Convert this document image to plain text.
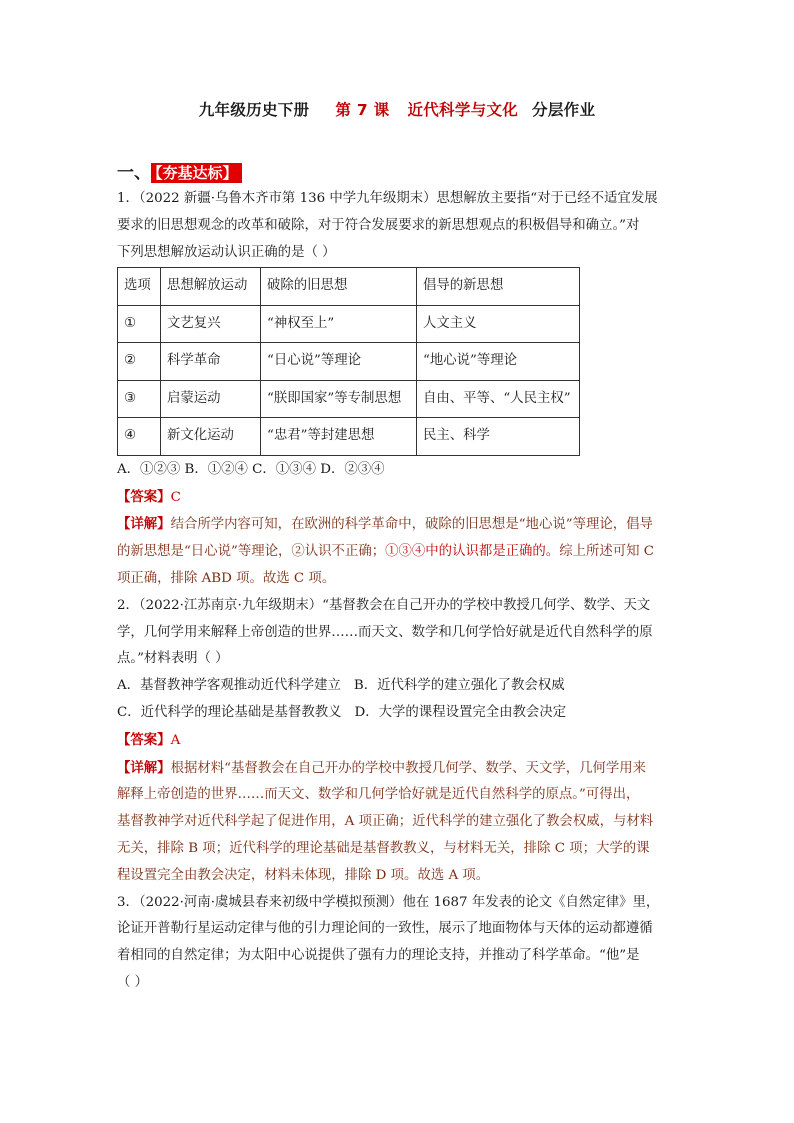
九年级历史下册 第 7 课 近代科学与文化 分层作业
一、 【夯基达标】

1．（2022 新疆·乌鲁木齐市第 136 中学九年级期末）思想解放主要指“对于已经不适宜发展

要求的旧思想观念的改革和破除，对于符合发展要求的新思想观点的积极倡导和确立。”对

下列思想解放运动认识正确的是（ ）

选项	思想解放运动	破除的旧思想	倡导的新思想
①	文艺复兴	“神权至上”	人文主义
②	科学革命	“日心说”等理论	“地心说”等理论
③	启蒙运动	“朕即国家”等专制思想	自由、平等、“人民主权”
④	新文化运动	“忠君”等封建思想	民主、科学

A．①②③ B．①②④ C．①③④ D．②③④

【答案】C

【详解】结合所学内容可知，在欧洲的科学革命中，破除的旧思想是“地心说”等理论，倡导

的新思想是“日心说”等理论，②认识不正确；①③④中的认识都是正确的。综上所述可知 C

项正确，排除 ABD 项。故选 C 项。

2．（2022·江苏南京·九年级期末）“基督教会在自己开办的学校中教授几何学、数学、天文

学，几何学用来解释上帝创造的世界……而天文、数学和几何学恰好就是近代自然科学的原

点。”材料表明（ ）

A．基督教神学客观推动近代科学建立 B．近代科学的建立强化了教会权威

C．近代科学的理论基础是基督教教义 D．大学的课程设置完全由教会决定

【答案】A

【详解】根据材料“基督教会在自己开办的学校中教授几何学、数学、天文学，几何学用来

解释上帝创造的世界……而天文、数学和几何学恰好就是近代自然科学的原点。”可得出，

基督教神学对近代科学起了促进作用，A 项正确；近代科学的建立强化了教会权威，与材料

无关，排除 B 项；近代科学的理论基础是基督教教义，与材料无关，排除 C 项；大学的课

程设置完全由教会决定，材料未体现，排除 D 项。故选 A 项。

3．（2022·河南·虞城县春来初级中学模拟预测）他在 1687 年发表的论文《自然定律》里，

论证开普勒行星运动定律与他的引力理论间的一致性，展示了地面物体与天体的运动都遵循

着相同的自然定律；为太阳中心说提供了强有力的理论支持，并推动了科学革命。“他”是

（ ）
